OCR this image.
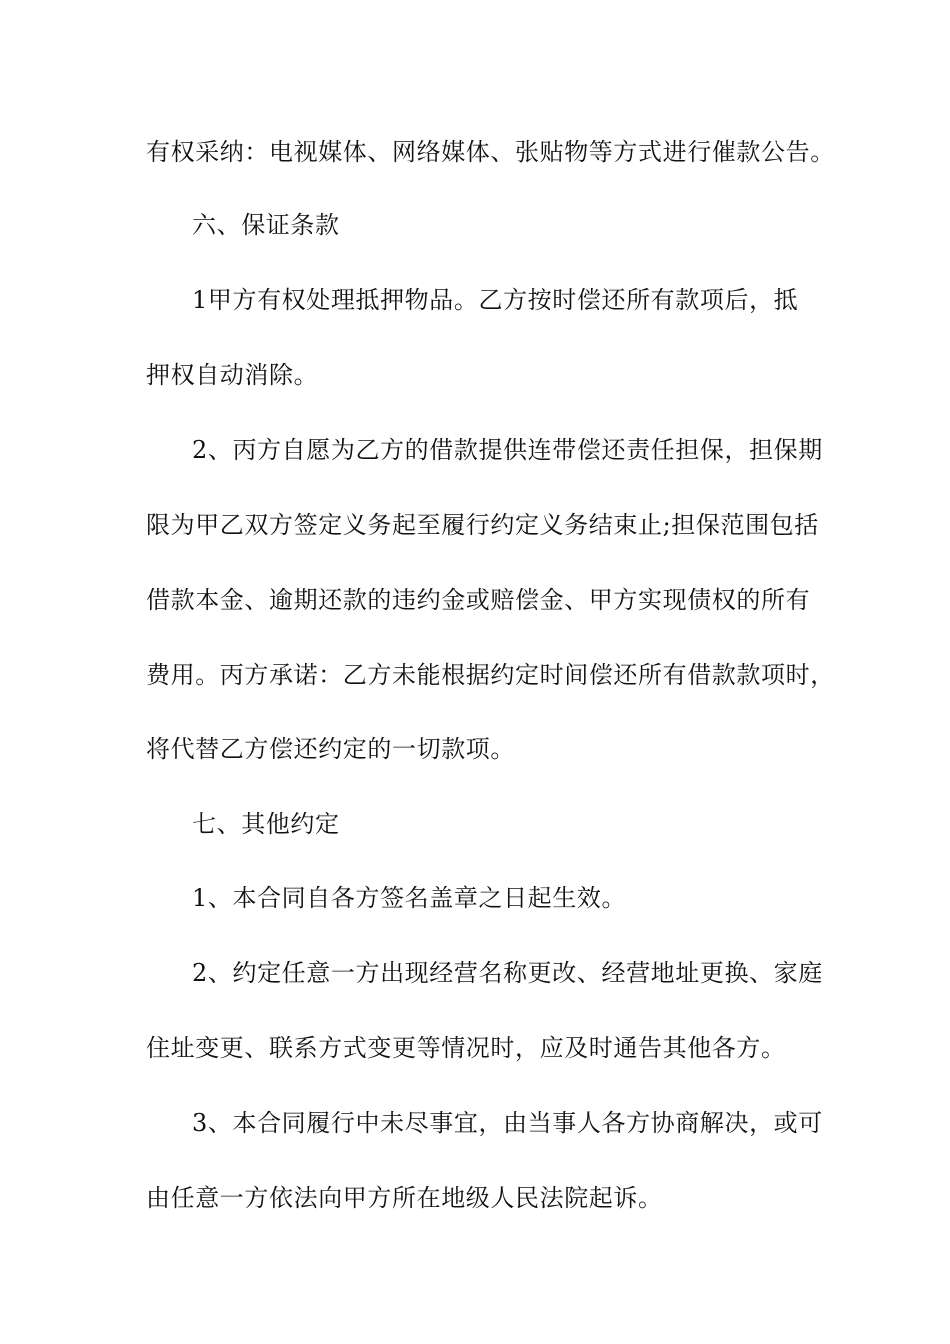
有权采纳：电视媒体、网络媒体、张贴物等方式进行催款公告。
六、保证条款
1甲方有权处理抵押物品。乙方按时偿还所有款项后，抵
押权自动消除。
2、丙方自愿为乙方的借款提供连带偿还责任担保，担保期
限为甲乙双方签定义务起至履行约定义务结束止;担保范围包括
借款本金、逾期还款的违约金或赔偿金、甲方实现债权的所有
费用。丙方承诺：乙方未能根据约定时间偿还所有借款款项时，
将代替乙方偿还约定的一切款项。
七、其他约定
1、本合同自各方签名盖章之日起生效。
2、约定任意一方出现经营名称更改、经营地址更换、家庭
住址变更、联系方式变更等情况时，应及时通告其他各方。
3、本合同履行中未尽事宜，由当事人各方协商解决，或可
由任意一方依法向甲方所在地级人民法院起诉。
